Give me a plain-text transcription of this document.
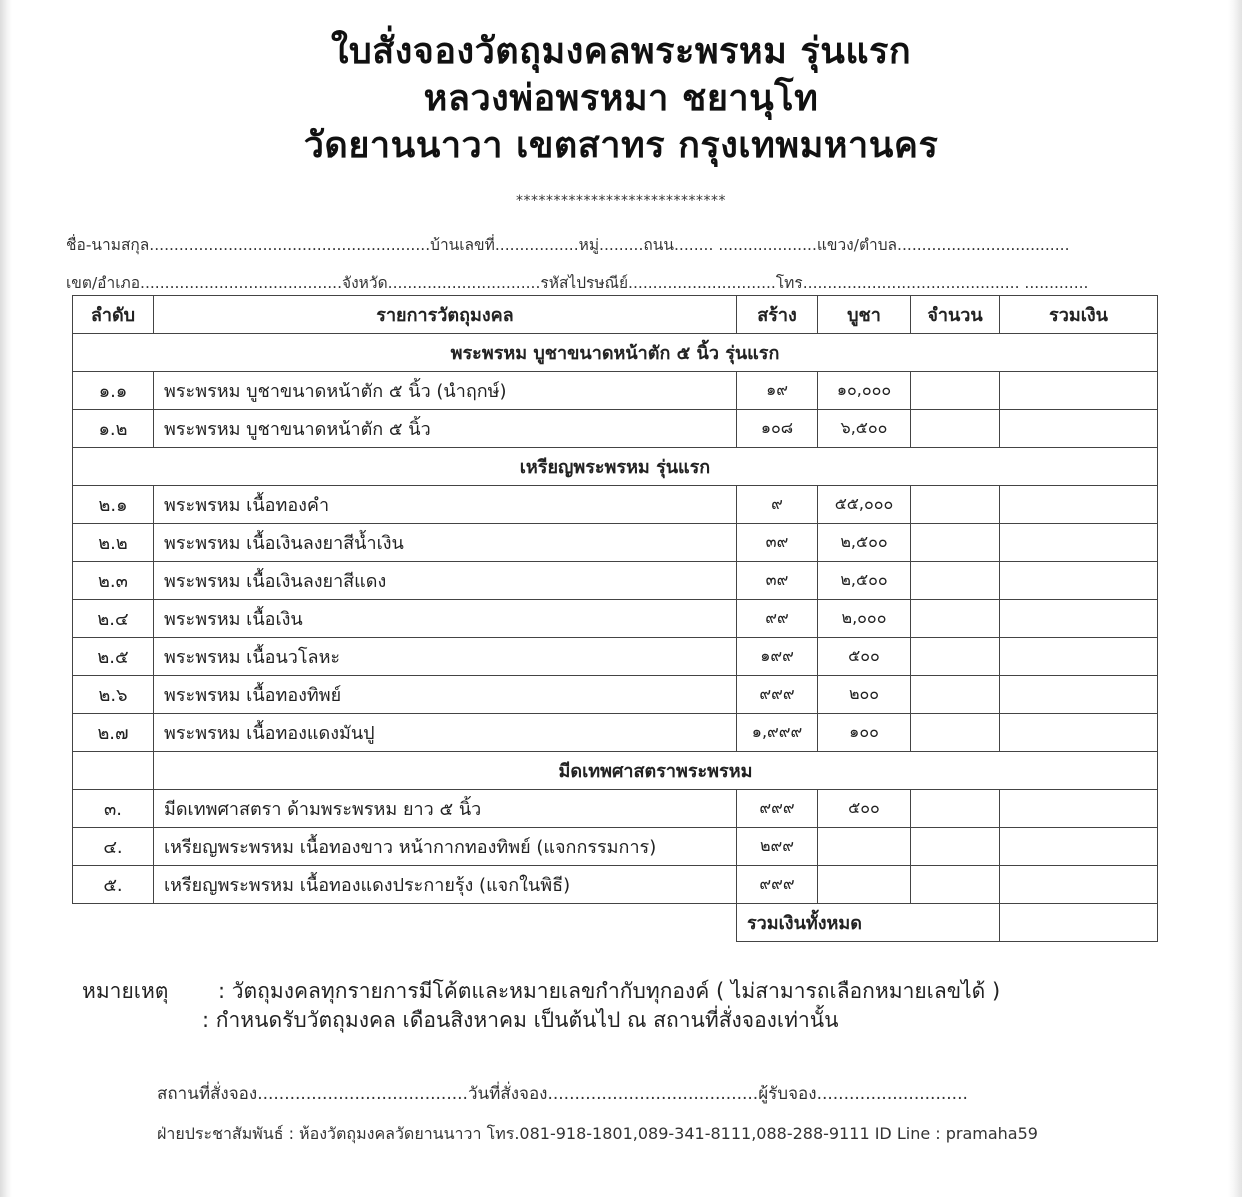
ใบสั่งจองวัตถุมงคลพระพรหม รุ่นแรก
หลวงพ่อพรหมา ชยานุโท
วัดยานนาวา เขตสาทร กรุงเทพมหานคร
****************************
ชื่อ-นามสกุล.........................................................บ้านเลขที่.................หมู่.........ถนน........ ....................แขวง/ตำบล...................................
เขต/อำเภอ.........................................จังหวัด...............................รหัสไปรษณีย์..............................โทร............................................ .............
ลำดับ	รายการวัตถุมงคล	สร้าง	บูชา	จำนวน	รวมเงิน
พระพรหม บูชาขนาดหน้าตัก ๕ นิ้ว รุ่นแรก					
๑.๑	พระพรหม บูชาขนาดหน้าตัก ๕ นิ้ว (นำฤกษ์)	๑๙	๑๐,๐๐๐		
๑.๒	พระพรหม บูชาขนาดหน้าตัก ๕ นิ้ว	๑๐๘	๖,๕๐๐		
เหรียญพระพรหม รุ่นแรก					
๒.๑	พระพรหม เนื้อทองคำ	๙	๕๕,๐๐๐		
๒.๒	พระพรหม เนื้อเงินลงยาสีน้ำเงิน	๓๙	๒,๕๐๐		
๒.๓	พระพรหม เนื้อเงินลงยาสีแดง	๓๙	๒,๕๐๐		
๒.๔	พระพรหม เนื้อเงิน	๙๙	๒,๐๐๐		
๒.๕	พระพรหม เนื้อนวโลหะ	๑๙๙	๕๐๐		
๒.๖	พระพรหม เนื้อทองทิพย์	๙๙๙	๒๐๐		
๒.๗	พระพรหม เนื้อทองแดงมันปู	๑,๙๙๙	๑๐๐		
	มีดเทพศาสตราพระพรหม				
๓.	มีดเทพศาสตรา ด้ามพระพรหม ยาว ๕ นิ้ว	๙๙๙	๕๐๐		
๔.	เหรียญพระพรหม เนื้อทองขาว หน้ากากทองทิพย์ (แจกกรรมการ)	๒๙๙			
๕.	เหรียญพระพรหม เนื้อทองแดงประกายรุ้ง (แจกในพิธี)	๙๙๙			
		รวมเงินทั้งหมด			
หมายเหตุ : วัตถุมงคลทุกรายการมีโค้ตและหมายเลขกำกับทุกองค์ ( ไม่สามารถเลือกหมายเลขได้ )
: กำหนดรับวัตถุมงคล เดือนสิงหาคม เป็นต้นไป ณ สถานที่สั่งจองเท่านั้น
สถานที่สั่งจอง.......................................วันที่สั่งจอง.......................................ผู้รับจอง............................
ฝ่ายประชาสัมพันธ์ : ห้องวัตถุมงคลวัดยานนาวา โทร.081-918-1801,089-341-8111,088-288-9111 ID Line : pramaha59
